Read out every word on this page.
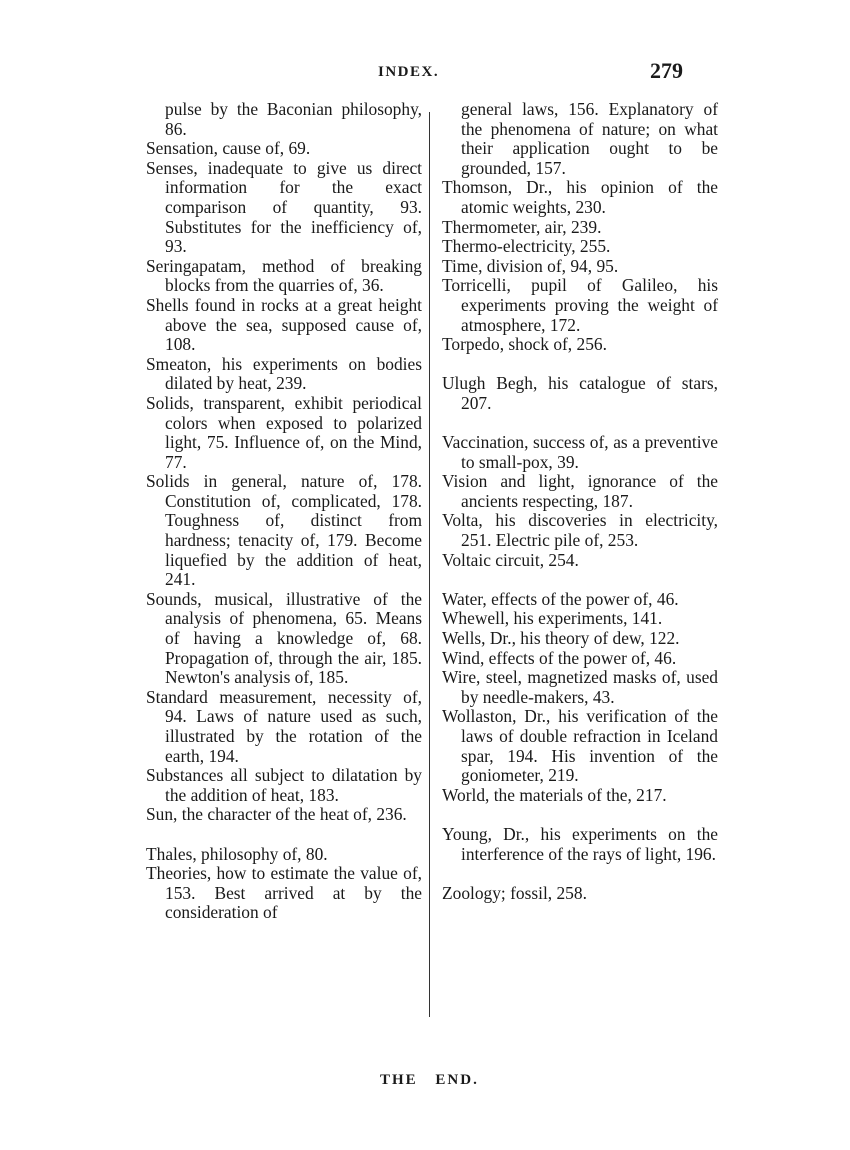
INDEX.	279
pulse by the Baconian philosophy, 86.
Sensation, cause of, 69.
Senses, inadequate to give us direct information for the exact comparison of quantity, 93. Substitutes for the inefficiency of, 93.
Seringapatam, method of breaking blocks from the quarries of, 36.
Shells found in rocks at a great height above the sea, supposed cause of, 108.
Smeaton, his experiments on bodies dilated by heat, 239.
Solids, transparent, exhibit periodical colors when exposed to polarized light, 75. Influence of, on the Mind, 77.
Solids in general, nature of, 178. Constitution of, complicated, 178. Toughness of, distinct from hardness; tenacity of, 179. Become liquefied by the addition of heat, 241.
Sounds, musical, illustrative of the analysis of phenomena, 65. Means of having a knowledge of, 68. Propagation of, through the air, 185. Newton's analysis of, 185.
Standard measurement, necessity of, 94. Laws of nature used as such, illustrated by the rotation of the earth, 194.
Substances all subject to dilatation by the addition of heat, 183.
Sun, the character of the heat of, 236.
Thales, philosophy of, 80.
Theories, how to estimate the value of, 153. Best arrived at by the consideration of
general laws, 156. Explanatory of the phenomena of nature; on what their application ought to be grounded, 157.
Thomson, Dr., his opinion of the atomic weights, 230.
Thermometer, air, 239.
Thermo-electricity, 255.
Time, division of, 94, 95.
Torricelli, pupil of Galileo, his experiments proving the weight of atmosphere, 172.
Torpedo, shock of, 256.
Ulugh Begh, his catalogue of stars, 207.
Vaccination, success of, as a preventive to small-pox, 39.
Vision and light, ignorance of the ancients respecting, 187.
Volta, his discoveries in electricity, 251. Electric pile of, 253.
Voltaic circuit, 254.
Water, effects of the power of, 46.
Whewell, his experiments, 141.
Wells, Dr., his theory of dew, 122.
Wind, effects of the power of, 46.
Wire, steel, magnetized masks of, used by needle-makers, 43.
Wollaston, Dr., his verification of the laws of double refraction in Iceland spar, 194. His invention of the goniometer, 219.
World, the materials of the, 217.
Young, Dr., his experiments on the interference of the rays of light, 196.
Zoology; fossil, 258.
THE END.
